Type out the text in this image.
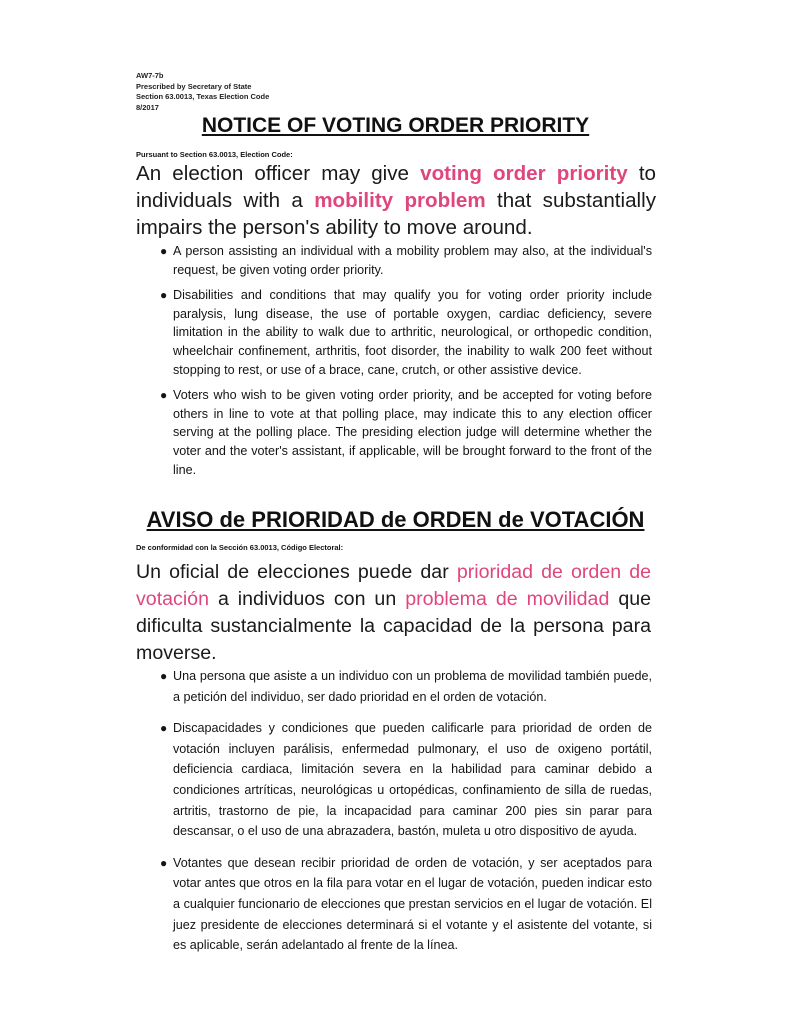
AW7-7b
Prescribed by Secretary of State
Section 63.0013, Texas Election Code
8/2017
NOTICE OF VOTING ORDER PRIORITY
Pursuant to Section 63.0013, Election Code:
An election officer may give voting order priority to individuals with a mobility problem that substantially impairs the person's ability to move around.
● A person assisting an individual with a mobility problem may also, at the individual's request, be given voting order priority.
● Disabilities and conditions that may qualify you for voting order priority include paralysis, lung disease, the use of portable oxygen, cardiac deficiency, severe limitation in the ability to walk due to arthritic, neurological, or orthopedic condition, wheelchair confinement, arthritis, foot disorder, the inability to walk 200 feet without stopping to rest, or use of a brace, cane, crutch, or other assistive device.
● Voters who wish to be given voting order priority, and be accepted for voting before others in line to vote at that polling place, may indicate this to any election officer serving at the polling place. The presiding election judge will determine whether the voter and the voter's assistant, if applicable, will be brought forward to the front of the line.
AVISO de PRIORIDAD de ORDEN de VOTACIÓN
De conformidad con la Sección 63.0013, Código Electoral:
Un oficial de elecciones puede dar prioridad de orden de votación a individuos con un problema de movilidad que dificulta sustancialmente la capacidad de la persona para moverse.
● Una persona que asiste a un individuo con un problema de movilidad también puede, a petición del individuo, ser dado prioridad en el orden de votación.
● Discapacidades y condiciones que pueden calificarle para prioridad de orden de votación incluyen parálisis, enfermedad pulmonary, el uso de oxigeno portátil, deficiencia cardiaca, limitación severa en la habilidad para caminar debido a condiciones artríticas, neurológicas u ortopédicas, confinamiento de silla de ruedas, artritis, trastorno de pie, la incapacidad para caminar 200 pies sin parar para descansar, o el uso de una abrazadera, bastón, muleta u otro dispositivo de ayuda.
● Votantes que desean recibir prioridad de orden de votación, y ser aceptados para votar antes que otros en la fila para votar en el lugar de votación, pueden indicar esto a cualquier funcionario de elecciones que prestan servicios en el lugar de votación. El juez presidente de elecciones determinará si el votante y el asistente del votante, si es aplicable, serán adelantado al frente de la línea.
